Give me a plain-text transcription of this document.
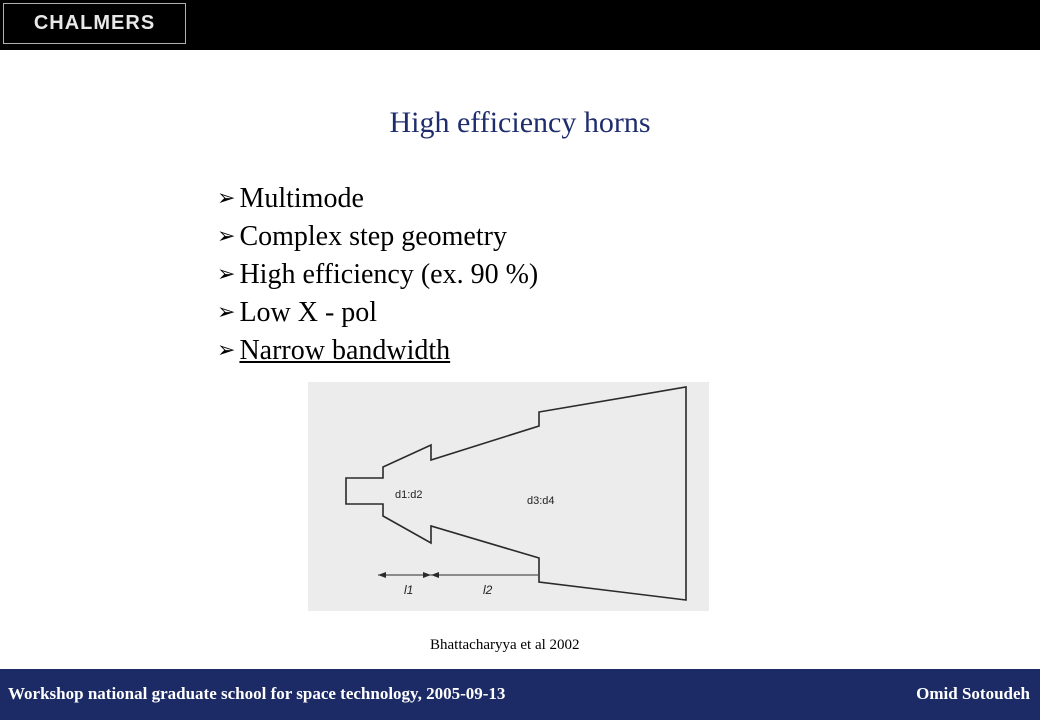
CHALMERS
High efficiency horns
➢ Multimode
➢ Complex step geometry
➢ High efficiency (ex. 90 %)
➢ Low X - pol
➢ Narrow bandwidth
d1:d2	d3:d4
l1	l2
Bhattacharyya et al 2002
Workshop national graduate school for space technology, 2005-09-13	Omid Sotoudeh
